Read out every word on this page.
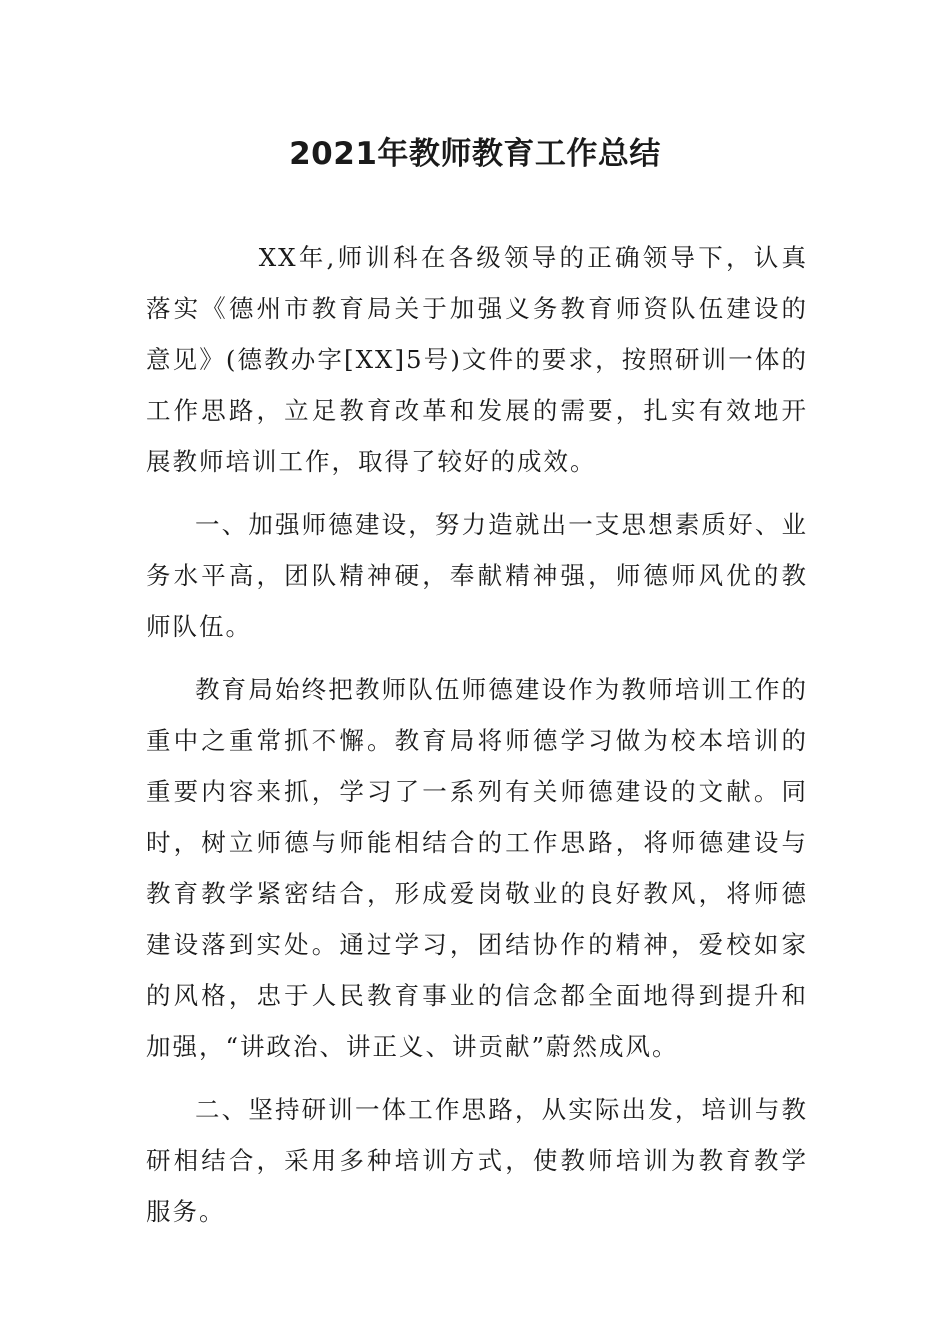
2021年教师教育工作总结

XX年,师训科在各级领导的正确领导下，认真落实《德州市教育局关于加强义务教育师资队伍建设的意见》(德教办字[XX]5号)文件的要求，按照研训一体的工作思路，立足教育改革和发展的需要，扎实有效地开展教师培训工作，取得了较好的成效。

一、加强师德建设，努力造就出一支思想素质好、业务水平高，团队精神硬，奉献精神强，师德师风优的教师队伍。

教育局始终把教师队伍师德建设作为教师培训工作的重中之重常抓不懈。教育局将师德学习做为校本培训的重要内容来抓，学习了一系列有关师德建设的文献。同时，树立师德与师能相结合的工作思路，将师德建设与教育教学紧密结合，形成爱岗敬业的良好教风，将师德建设落到实处。通过学习，团结协作的精神，爱校如家的风格，忠于人民教育事业的信念都全面地得到提升和加强，“讲政治、讲正义、讲贡献”蔚然成风。

二、坚持研训一体工作思路，从实际出发，培训与教研相结合，采用多种培训方式，使教师培训为教育教学服务。
